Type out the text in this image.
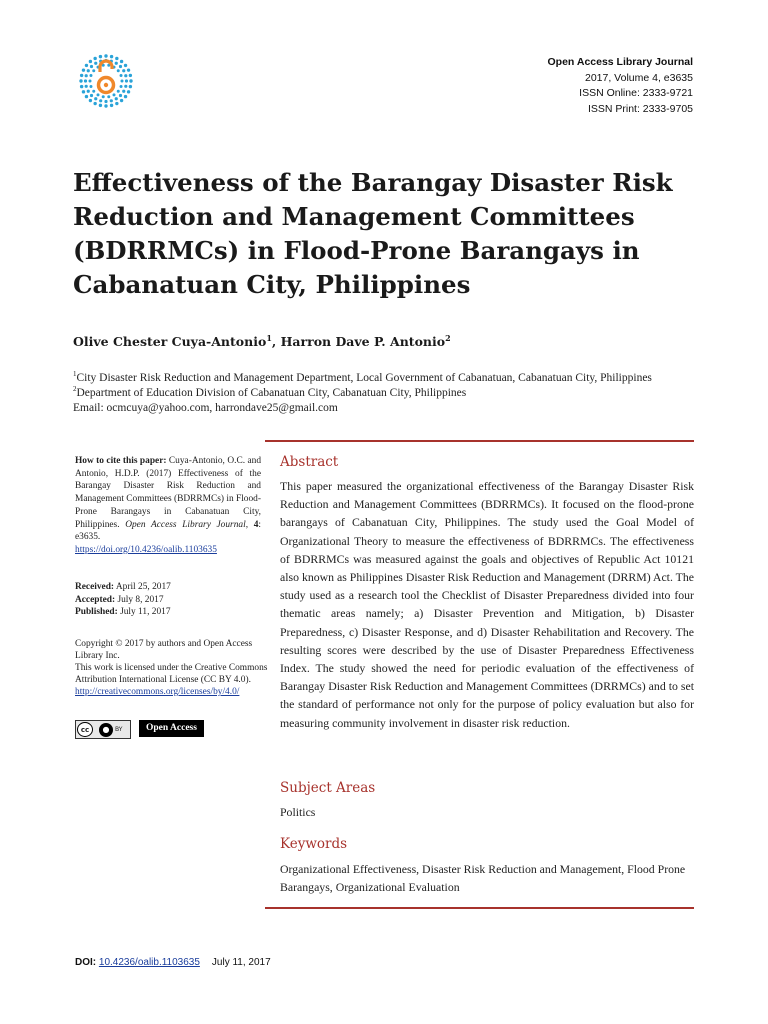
Open Access Library Journal
2017, Volume 4, e3635
ISSN Online: 2333-9721
ISSN Print: 2333-9705
Effectiveness of the Barangay Disaster Risk Reduction and Management Committees (BDRRMCs) in Flood-Prone Barangays in Cabanatuan City, Philippines
Olive Chester Cuya-Antonio$^1$, Harron Dave P. Antonio$^2$
$^1$City Disaster Risk Reduction and Management Department, Local Government of Cabanatuan, Cabanatuan City, Philippines
$^2$Department of Education Division of Cabanatuan City, Cabanatuan City, Philippines
Email: ocmcuya@yahoo.com, harrondave25@gmail.com
How to cite this paper: Cuya-Antonio, O.C. and Antonio, H.D.P. (2017) Effectiveness of the Barangay Disaster Risk Reduction and Management Committees (BDRRMCs) in Flood-Prone Barangays in Cabanatuan City, Philippines. Open Access Library Journal, 4: e3635.
https://doi.org/10.4236/oalib.1103635
Received: April 25, 2017
Accepted: July 8, 2017
Published: July 11, 2017
Copyright © 2017 by authors and Open Access Library Inc.
This work is licensed under the Creative Commons Attribution International License (CC BY 4.0).
http://creativecommons.org/licenses/by/4.0/
cc	● BY	Open Access
Abstract

This paper measured the organizational effectiveness of the Barangay Disaster Risk Reduction and Management Committees (BDRRMCs). It focused on the flood-prone barangays of Cabanatuan City, Philippines. The study used the Goal Model of Organizational Theory to measure the effectiveness of BDRRMCs. The effectiveness of BDRRMCs was measured against the goals and objectives of Republic Act 10121 also known as Philippines Disaster Risk Reduction and Management (DRRM) Act. The study used as a research tool the Checklist of Disaster Preparedness divided into four thematic areas namely; a) Disaster Prevention and Mitigation, b) Disaster Preparedness, c) Disaster Response, and d) Disaster Rehabilitation and Recovery. The resulting scores were described by the use of Disaster Preparedness Effectiveness Index. The study showed the need for periodic evaluation of the effectiveness of Barangay Disaster Risk Reduction and Management Committees (DRRMCs) and to set the standard of performance not only for the purpose of policy evaluation but also for measuring community involvement in disaster risk reduction.

Subject Areas

Politics

Keywords

Organizational Effectiveness, Disaster Risk Reduction and Management, Flood Prone Barangays, Organizational Evaluation

DOI: 10.4236/oalib.1103635 July 11, 2017
